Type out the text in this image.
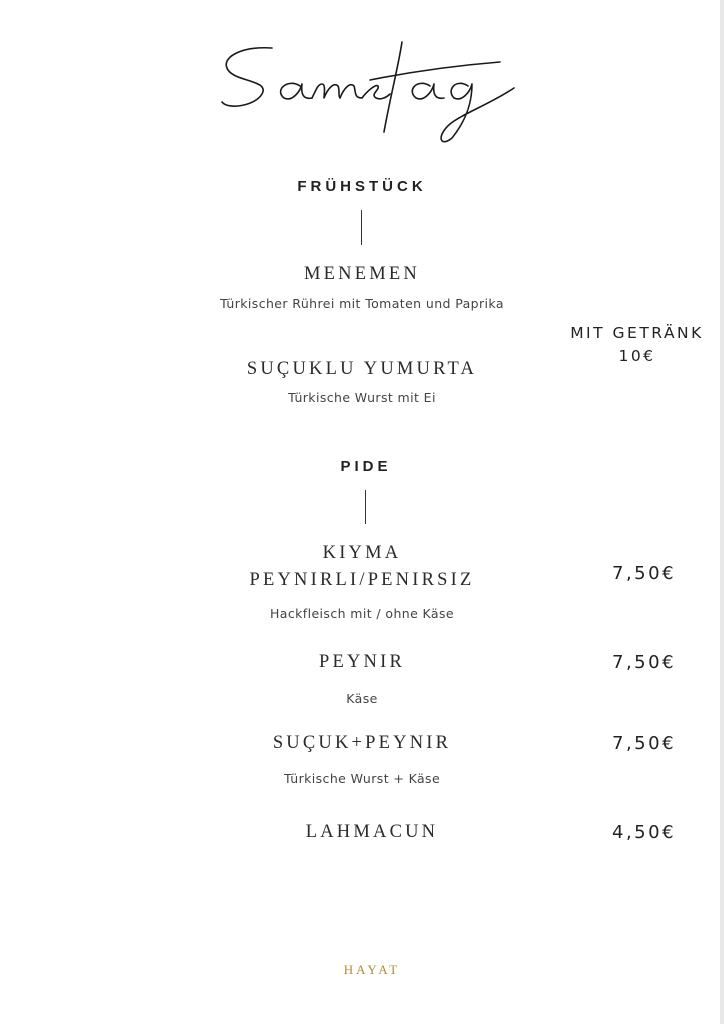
FRÜHSTÜCK
MENEMEN
Türkischer Rührei mit Tomaten und Paprika
SUÇUKLU YUMURTA
Türkische Wurst mit Ei
MIT GETRÄNK
10€
PIDE
KIYMA
PEYNIRLI/PENIRSIZ
Hackfleisch mit / ohne Käse
7,50€
PEYNIR
Käse
7,50€
SUÇUK+PEYNIR
Türkische Wurst + Käse
7,50€
LAHMACUN	4,50€
HAYAT
